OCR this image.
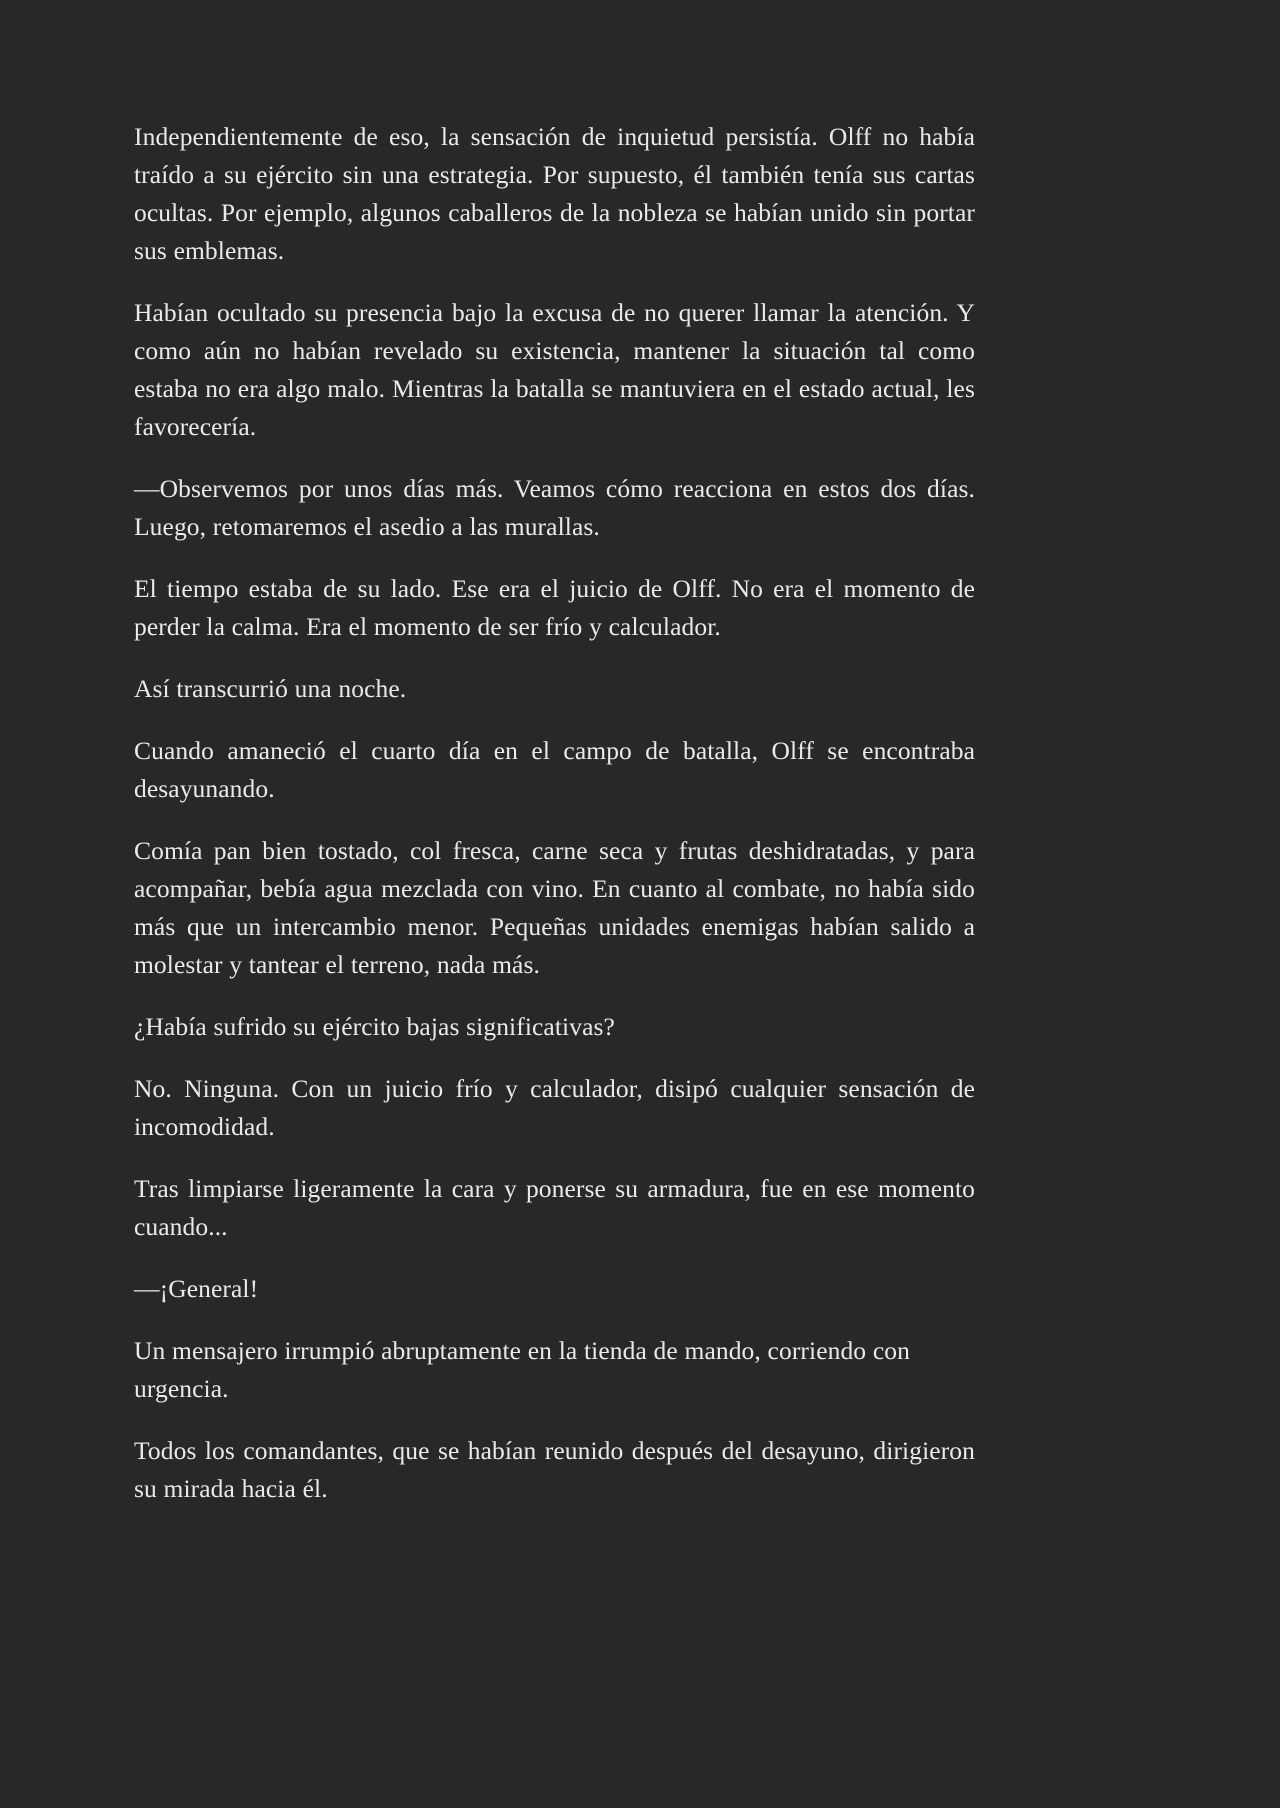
Independientemente de eso, la sensación de inquietud persistía. Olff no había traído a su ejército sin una estrategia. Por supuesto, él también tenía sus cartas ocultas. Por ejemplo, algunos caballeros de la nobleza se habían unido sin portar sus emblemas.

Habían ocultado su presencia bajo la excusa de no querer llamar la atención. Y como aún no habían revelado su existencia, mantener la situación tal como estaba no era algo malo. Mientras la batalla se mantuviera en el estado actual, les favorecería.

—Observemos por unos días más. Veamos cómo reacciona en estos dos días. Luego, retomaremos el asedio a las murallas.

El tiempo estaba de su lado. Ese era el juicio de Olff. No era el momento de perder la calma. Era el momento de ser frío y calculador.

Así transcurrió una noche.

Cuando amaneció el cuarto día en el campo de batalla, Olff se encontraba desayunando.

Comía pan bien tostado, col fresca, carne seca y frutas deshidratadas, y para acompañar, bebía agua mezclada con vino. En cuanto al combate, no había sido más que un intercambio menor. Pequeñas unidades enemigas habían salido a molestar y tantear el terreno, nada más.

¿Había sufrido su ejército bajas significativas?

No. Ninguna. Con un juicio frío y calculador, disipó cualquier sensación de incomodidad.

Tras limpiarse ligeramente la cara y ponerse su armadura, fue en ese momento cuando...

—¡General!

Un mensajero irrumpió abruptamente en la tienda de mando, corriendo con urgencia.

Todos los comandantes, que se habían reunido después del desayuno, dirigieron su mirada hacia él.
